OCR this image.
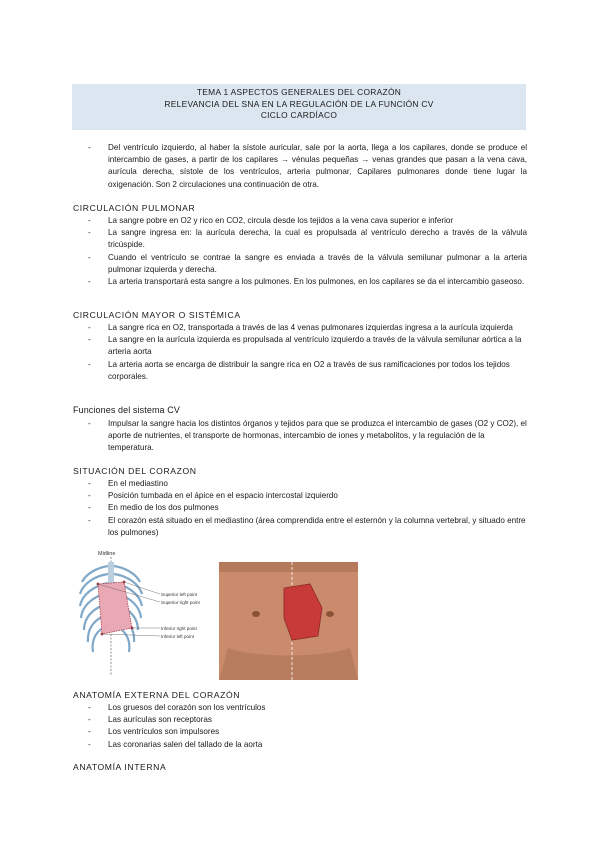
TEMA 1 ASPECTOS GENERALES DEL CORAZÓN
RELEVANCIA DEL SNA EN LA REGULACIÓN DE LA FUNCIÓN CV
CICLO CARDÍACO
- Del ventrículo izquierdo, al haber la sístole auricular, sale por la aorta, llega a los capilares, donde se produce el intercambio de gases, a partir de los capilares → vénulas pequeñas → venas grandes que pasan a la vena cava, aurícula derecha, sístole de los ventrículos, arteria pulmonar, Capilares pulmonares donde tiene lugar la oxigenación. Son 2 circulaciones una continuación de otra.
CIRCULACIÓN PULMONAR
- La sangre pobre en O2 y rico en CO2, circula desde los tejidos a la vena cava superior e inferior
- La sangre ingresa en: la aurícula derecha, la cual es propulsada al ventrículo derecho a través de la válvula tricúspide.
- Cuando el ventrículo se contrae la sangre es enviada a través de la válvula semilunar pulmonar a la arteria pulmonar izquierda y derecha.
- La arteria transportará esta sangre a los pulmones. En los pulmones, en los capilares se da el intercambio gaseoso.
CIRCULACIÓN MAYOR O SISTÉMICA
- La sangre rica en O2, transportada a través de las 4 venas pulmonares izquierdas ingresa a la aurícula izquierda
- La sangre en la aurícula izquierda es propulsada al ventrículo izquierdo a través de la válvula semilunar aórtica a la arteria aorta
- La arteria aorta se encarga de distribuir la sangre rica en O2 a través de sus ramificaciones por todos los tejidos corporales.
Funciones del sistema CV
- Impulsar la sangre hacia los distintos órganos y tejidos para que se produzca el intercambio de gases (O2 y CO2), el aporte de nutrientes, el transporte de hormonas, intercambio de iones y metabolitos, y la regulación de la temperatura.
SITUACIÓN DEL CORAZON
- En el mediastino
- Posición tumbada en el ápice en el espacio intercostal izquierdo
- En medio de los dos pulmones
- El corazón está situado en el mediastino (área comprendida entre el esternón y la columna vertebral, y situado entre los pulmones)
Midline
Superior left point
Superior right point
Inferior right point
Inferior left point
ANATOMÍA EXTERNA DEL CORAZÓN
- Los gruesos del corazón son los ventrículos
- Las aurículas son receptoras
- Los ventrículos son impulsores
- Las coronarias salen del tallado de la aorta
ANATOMÍA INTERNA
